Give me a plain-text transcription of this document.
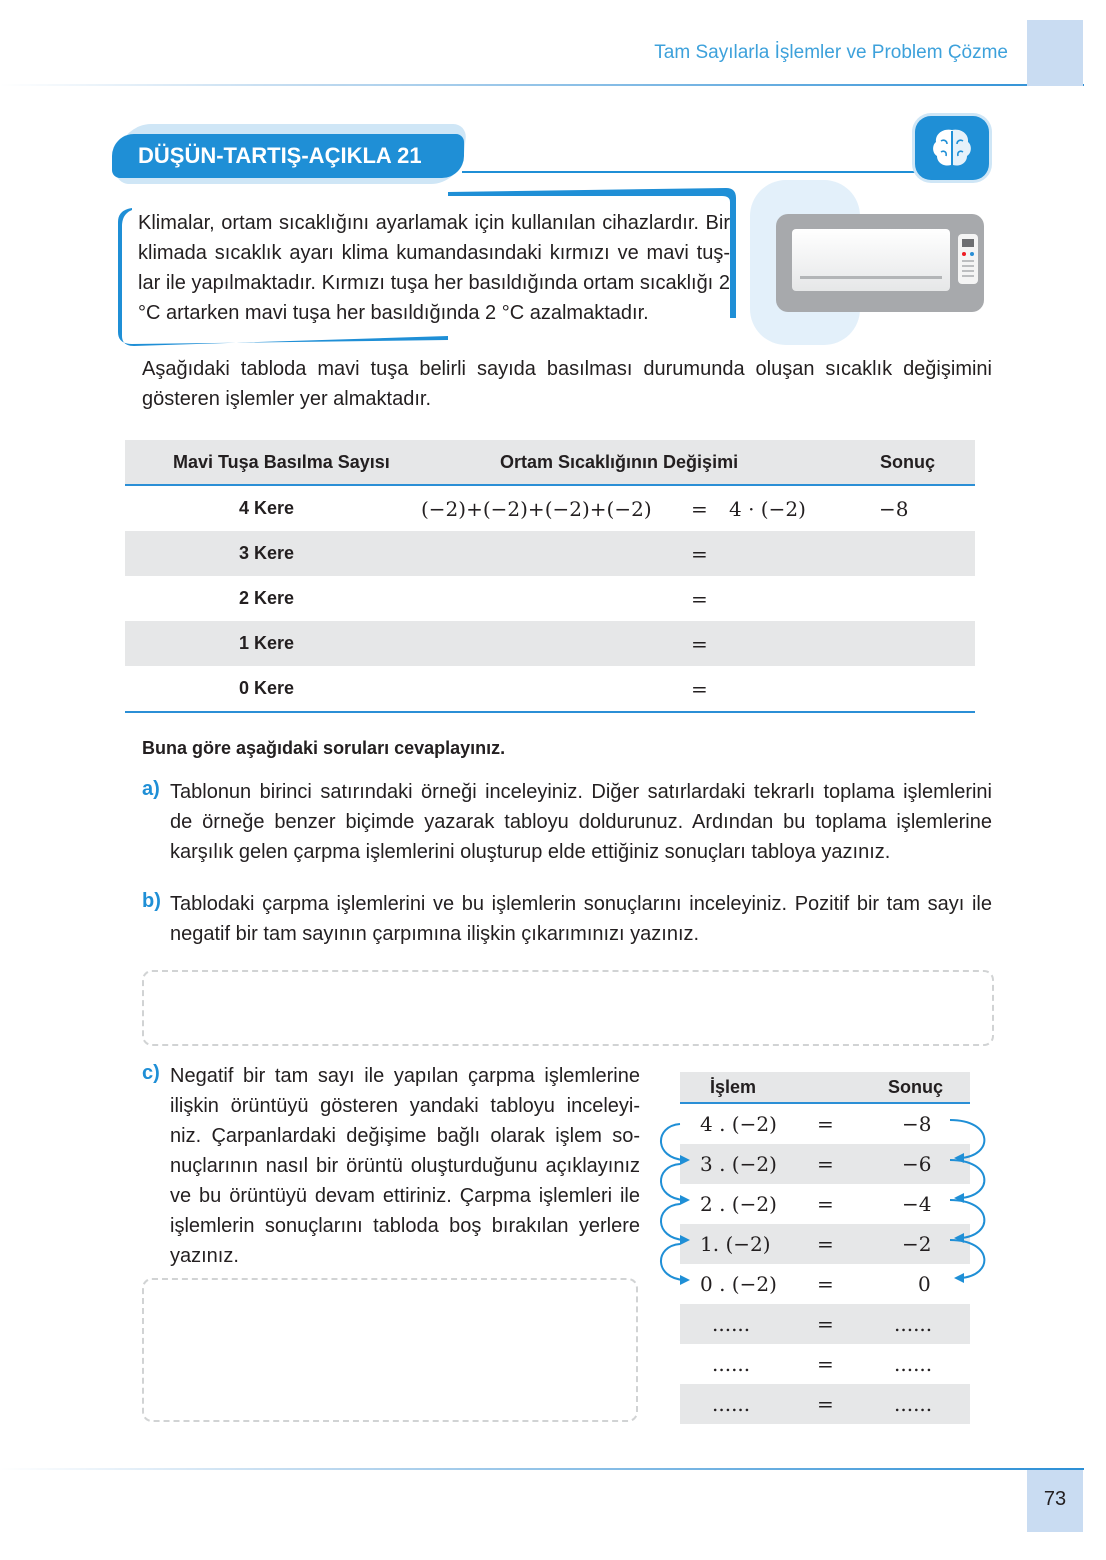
Tam Sayılarla İşlemler ve Problem Çözme
DÜŞÜN-TARTIŞ-AÇIKLA 21
Klimalar, ortam sıcaklığını ayarlamak için kullanılan cihazlardır. Bir klimada sıcaklık ayarı klima kumandasındaki kırmızı ve mavi tuş-lar ile yapılmaktadır. Kırmızı tuşa her basıldığında ortam sıcaklığı 2 °C artarken mavi tuşa her basıldığında 2 °C azalmaktadır.
Aşağıdaki tabloda mavi tuşa belirli sayıda basılması durumunda oluşan sıcaklık değişimini gösteren işlemler yer almaktadır.
Mavi Tuşa Basılma Sayısı	Ortam Sıcaklığının Değişimi	Sonuç
4 Kere	(−2)+(−2)+(−2)+(−2) = 4 · (−2)	−8
3 Kere	=
2 Kere	=
1 Kere	=
0 Kere	=
Buna göre aşağıdaki soruları cevaplayınız.
a) Tablonun birinci satırındaki örneği inceleyiniz. Diğer satırlardaki tekrarlı toplama işlemlerini de örneğe benzer biçimde yazarak tabloyu doldurunuz. Ardından bu toplama işlemlerine karşılık gelen çarpma işlemlerini oluşturup elde ettiğiniz sonuçları tabloya yazınız.
b) Tablodaki çarpma işlemlerini ve bu işlemlerin sonuçlarını inceleyiniz. Pozitif bir tam sayı ile negatif bir tam sayının çarpımına ilişkin çıkarımınızı yazınız.
c) Negatif bir tam sayı ile yapılan çarpma işlemlerine ilişkin örüntüyü gösteren yandaki tabloyu inceleyi-niz. Çarpanlardaki değişime bağlı olarak işlem so-nuçlarının nasıl bir örüntü oluşturduğunu açıklayınız ve bu örüntüyü devam ettiriniz. Çarpma işlemleri ile işlemlerin sonuçlarını tabloda boş bırakılan yerlere yazınız.
İşlem	Sonuç
4 . (−2) =	−8
3 . (−2) =	−6
2 . (−2) =	−4
1. (−2) =	−2
0 . (−2) =	0
......	=	......
......	=	......
......	=	......
73
